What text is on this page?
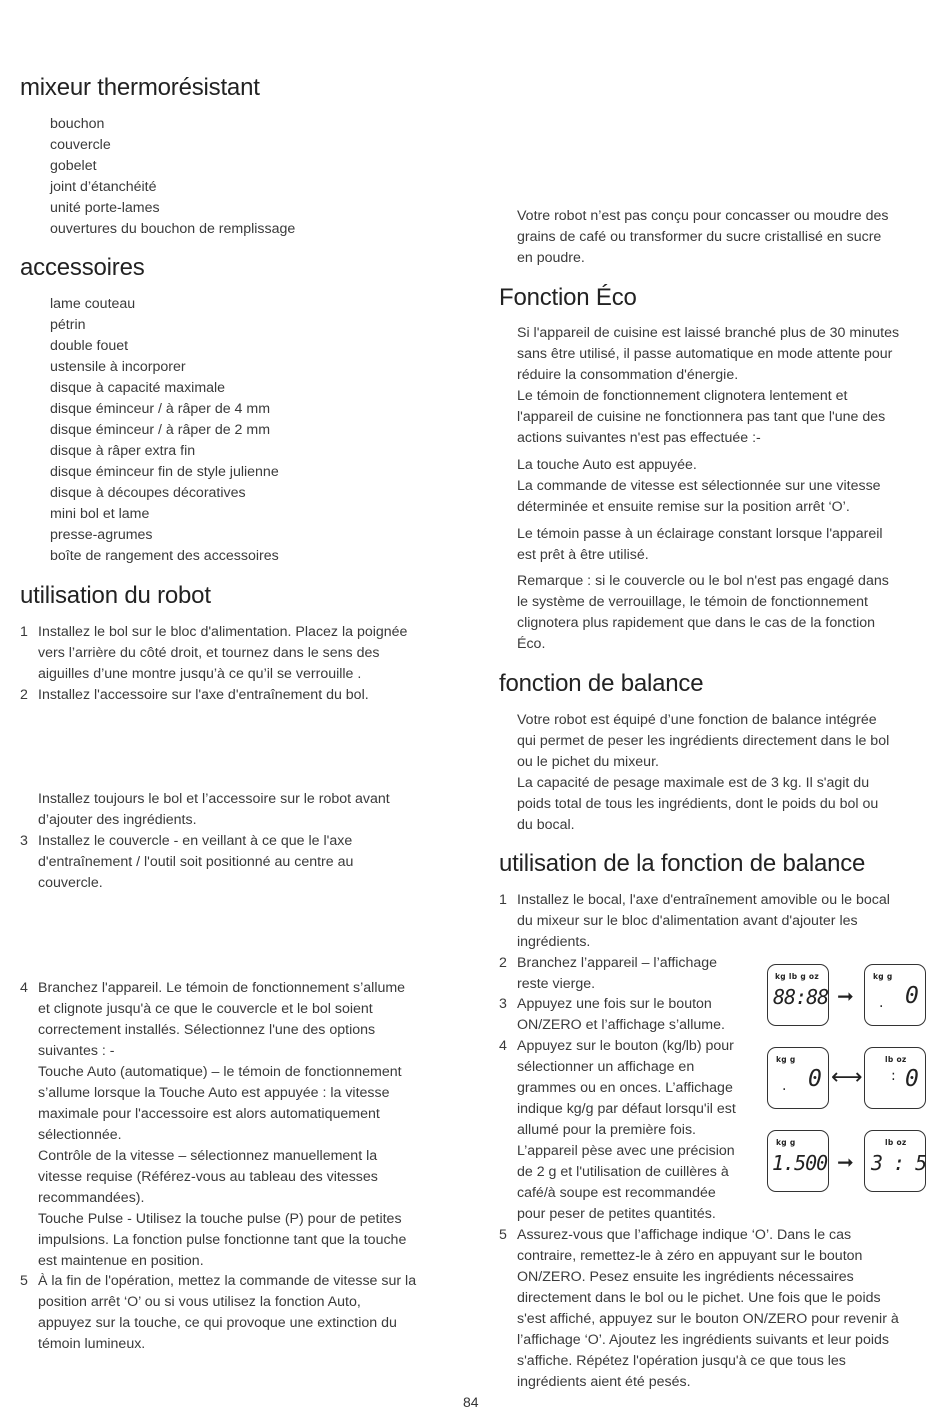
mixeur thermorésistant
bouchon
couvercle
gobelet
joint d’étanchéité
unité porte-lames
ouvertures du bouchon de remplissage
accessoires
lame couteau
pétrin
double fouet
ustensile à incorporer
disque à capacité maximale
disque éminceur / à râper de 4 mm
disque éminceur / à râper de 2 mm
disque à râper extra fin
disque éminceur fin de style julienne
disque à découpes décoratives
mini bol et lame
presse-agrumes
boîte de rangement des accessoires
utilisation du robot
1 Installez le bol sur le bloc d'alimentation. Placez la poignée
vers l’arrière du côté droit, et tournez dans le sens des
aiguilles d’une montre jusqu’à ce qu’il se verrouille .
2 Installez l'accessoire sur l'axe d'entraînement du bol.

Installez toujours le bol et l’accessoire sur le robot avant
d’ajouter des ingrédients.
3 Installez le couvercle - en veillant à ce que le l'axe
d'entraînement / l'outil soit positionné au centre au
couvercle.
4 Branchez l'appareil. Le témoin de fonctionnement s’allume
et clignote jusqu'à ce que le couvercle et le bol soient
correctement installés. Sélectionnez l'une des options
suivantes : -
Touche Auto (automatique) – le témoin de fonctionnement
s’allume lorsque la Touche Auto est appuyée : la vitesse
maximale pour l'accessoire est alors automatiquement
sélectionnée.
Contrôle de la vitesse – sélectionnez manuellement la
vitesse requise (Référez-vous au tableau des vitesses
recommandées).
Touche Pulse - Utilisez la touche pulse (P) pour de petites
impulsions. La fonction pulse fonctionne tant que la touche
est maintenue en position.
5 À la fin de l'opération, mettez la commande de vitesse sur la
position arrêt ‘O’ ou si vous utilisez la fonction Auto,
appuyez sur la touche, ce qui provoque une extinction du
témoin lumineux.
Votre robot n’est pas conçu pour concasser ou moudre des
grains de café ou transformer du sucre cristallisé en sucre
en poudre.
Fonction Éco
Si l'appareil de cuisine est laissé branché plus de 30 minutes
sans être utilisé, il passe automatique en mode attente pour
réduire la consommation d'énergie.
Le témoin de fonctionnement clignotera lentement et
l'appareil de cuisine ne fonctionnera pas tant que l'une des
actions suivantes n'est pas effectuée :-
La touche Auto est appuyée.
La commande de vitesse est sélectionnée sur une vitesse
déterminée et ensuite remise sur la position arrêt ‘O’.
Le témoin passe à un éclairage constant lorsque l'appareil
est prêt à être utilisé.
Remarque : si le couvercle ou le bol n'est pas engagé dans
le système de verrouillage, le témoin de fonctionnement
clignotera plus rapidement que dans le cas de la fonction
Éco.
fonction de balance
Votre robot est équipé d’une fonction de balance intégrée
qui permet de peser les ingrédients directement dans le bol
ou le pichet du mixeur.
La capacité de pesage maximale est de 3 kg. Il s'agit du
poids total de tous les ingrédients, dont le poids du bol ou
du bocal.
utilisation de la fonction de balance
1 Installez le bocal, l'axe d'entraînement amovible ou le bocal
du mixeur sur le bloc d'alimentation avant d'ajouter les
ingrédients.
2 Branchez l’appareil – l’affichage
reste vierge.
3 Appuyez une fois sur le bouton
ON/ZERO et l’affichage s’allume.
4 Appuyez sur le bouton (kg/lb) pour
sélectionner un affichage en
grammes ou en onces. L’affichage
indique kg/g par défaut lorsqu'il est
allumé pour la première fois.
L’appareil pèse avec une précision
de 2 g et l'utilisation de cuillères à
café/à soupe est recommandée
pour peser de petites quantités.
5 Assurez-vous que l’affichage indique ‘O’. Dans le cas
contraire, remettez-le à zéro en appuyant sur le bouton
ON/ZERO. Pesez ensuite les ingrédients nécessaires
directement dans le bol ou le pichet. Une fois que le poids
s'est affiché, appuyez sur le bouton ON/ZERO pour revenir à
l’affichage ‘O’. Ajoutez les ingrédients suivants et leur poids
s'affiche. Répétez l'opération jusqu'à ce que tous les
ingrédients aient été pesés.
kg lb g oz
88:88 ➞
kg g
. 0
kg g
. 0 ⟷
lb oz
: 0
kg g
1.500 ➞
lb oz
3 : 5
84
